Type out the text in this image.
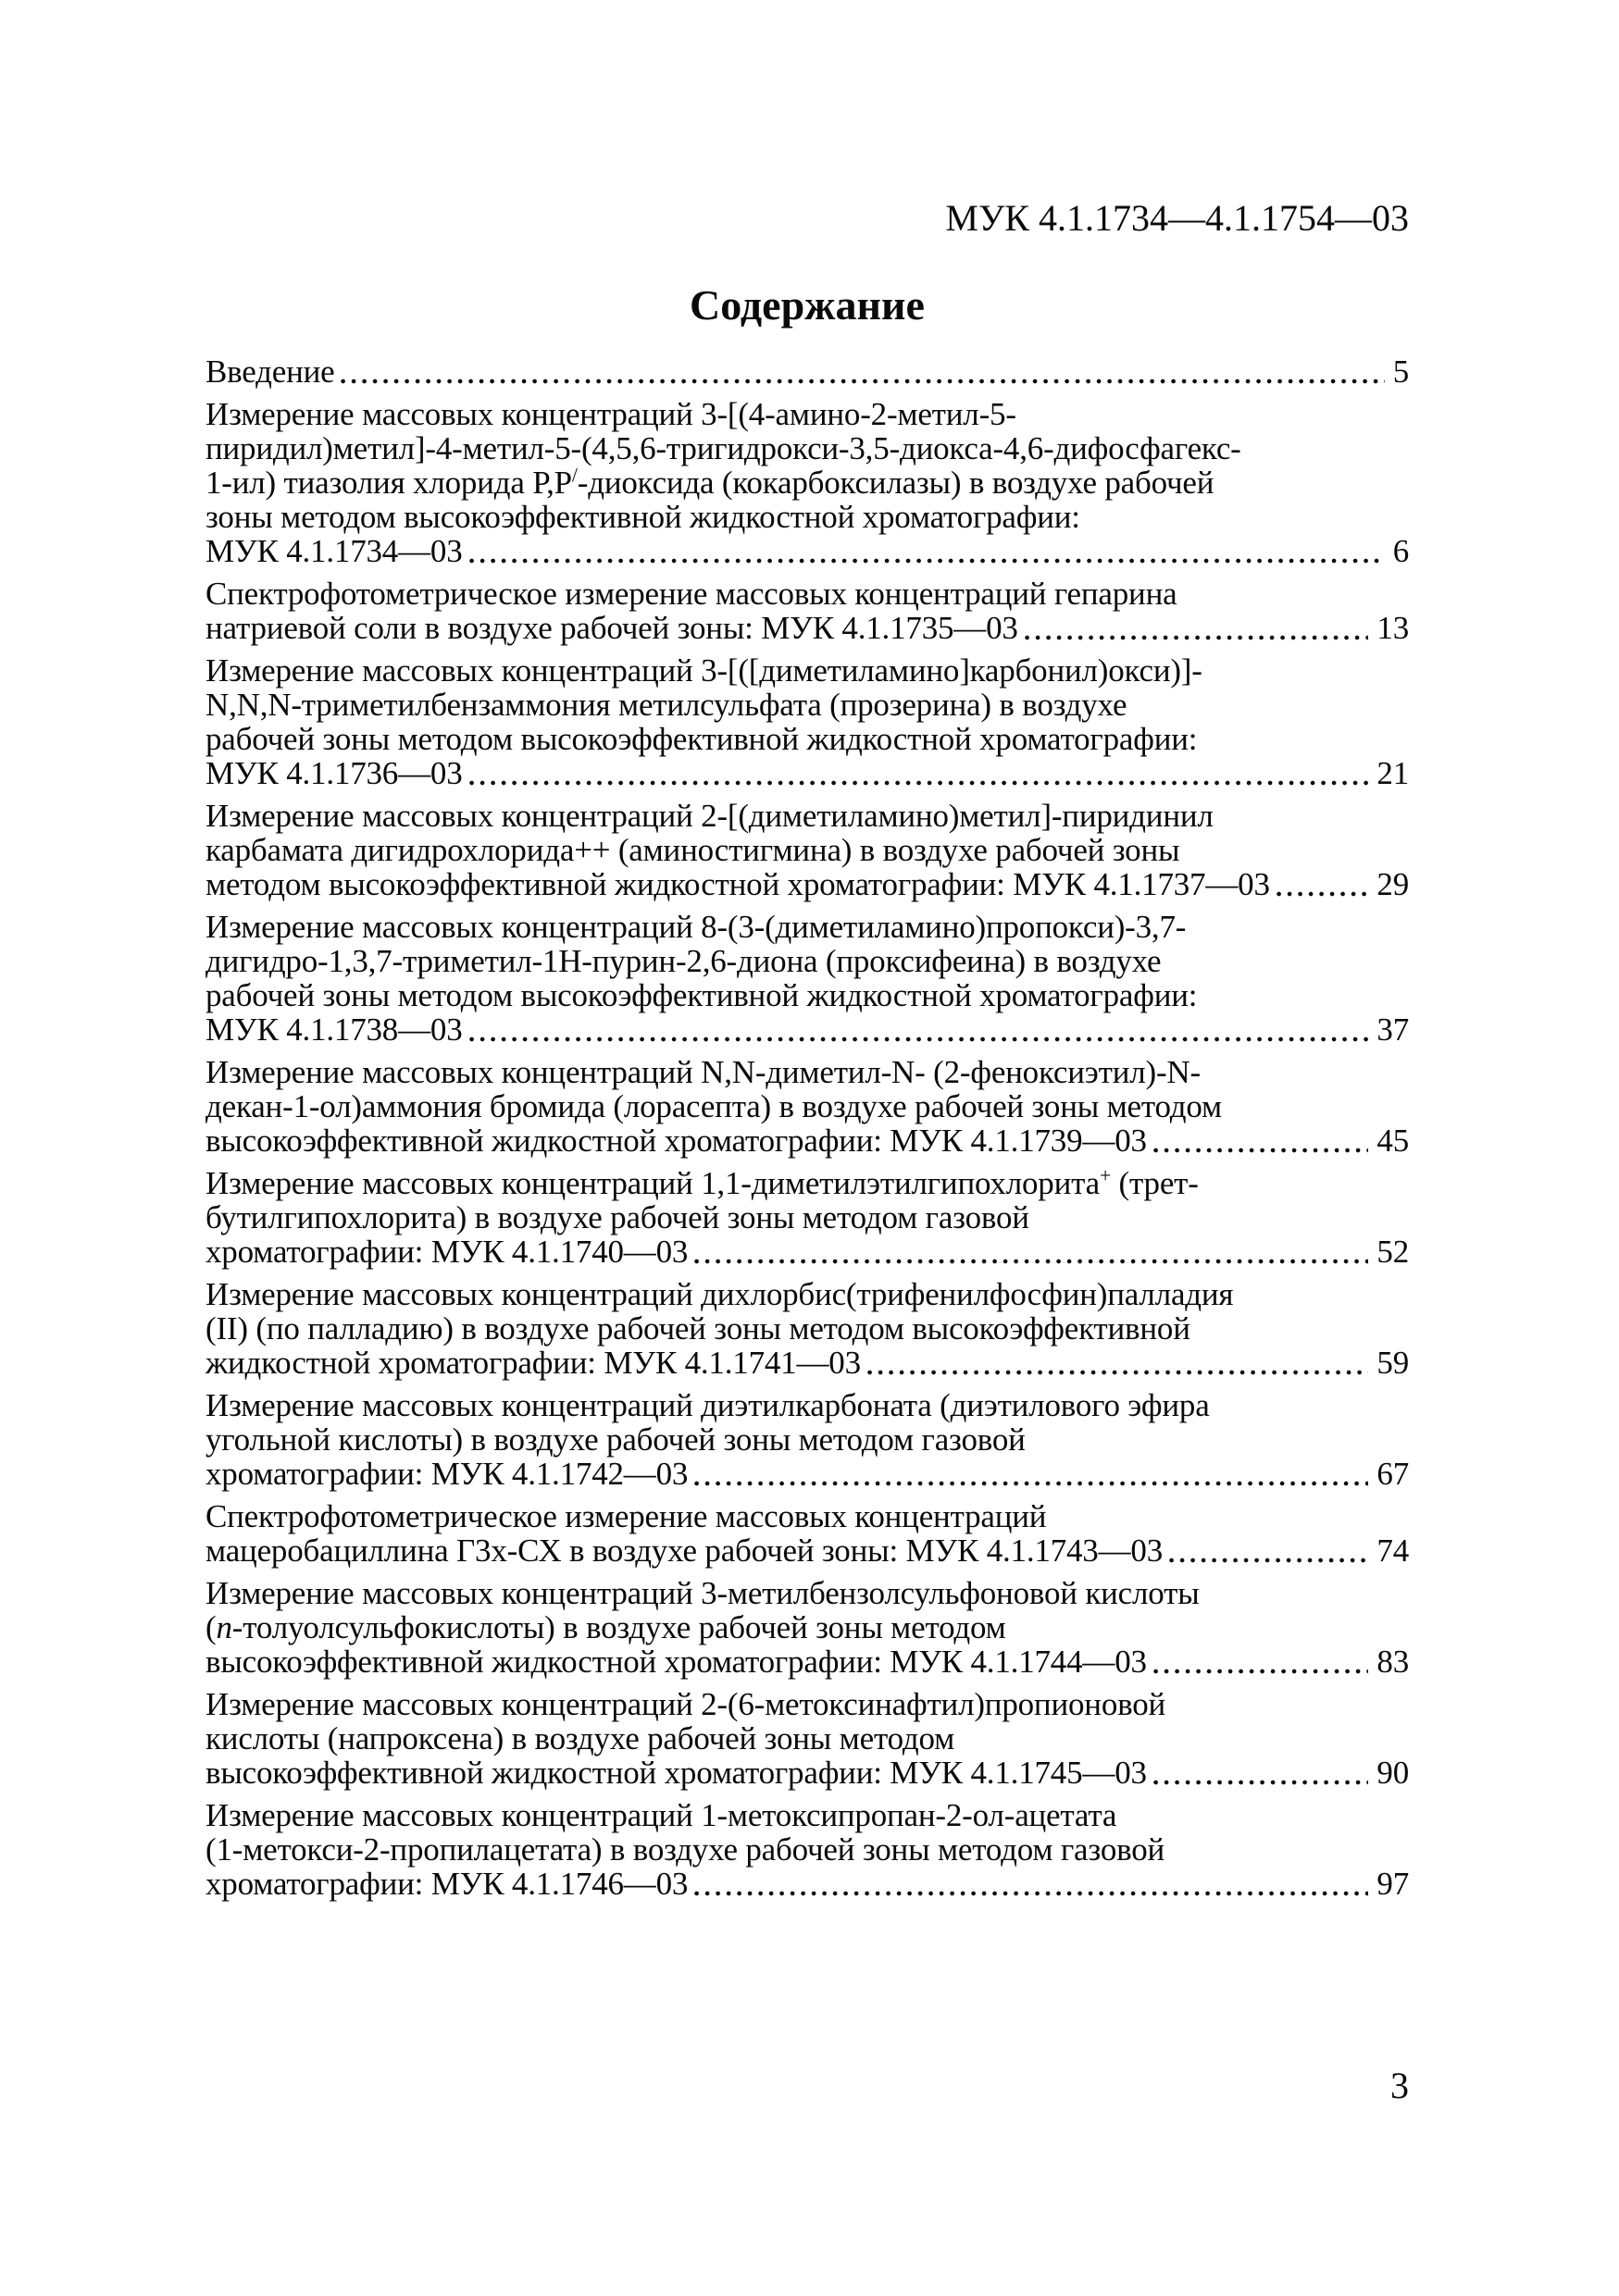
МУК 4.1.1734—4.1.1754—03
Содержание
Введение	5
Измерение массовых концентраций 3-[(4-амино-2-метил-5-
пиридил)метил]-4-метил-5-(4,5,6-тригидрокси-3,5-диокса-4,6-дифосфагекс-
1-ил) тиазолия хлорида Р,Р/-диоксида (кокарбоксилазы) в воздухе рабочей
зоны методом высокоэффективной жидкостной хроматографии:
МУК 4.1.1734—03	6
Спектрофотометрическое измерение массовых концентраций гепарина
натриевой соли в воздухе рабочей зоны: МУК 4.1.1735—03	13
Измерение массовых концентраций 3-[([диметиламино]карбонил)окси)]-
N,N,N-триметилбензаммония метилсульфата (прозерина) в воздухе
рабочей зоны методом высокоэффективной жидкостной хроматографии:
МУК 4.1.1736—03	21
Измерение массовых концентраций 2-[(диметиламино)метил]-пиридинил
карбамата дигидрохлорида++ (аминостигмина) в воздухе рабочей зоны
методом высокоэффективной жидкостной хроматографии: МУК 4.1.1737—03	29
Измерение массовых концентраций 8-(3-(диметиламино)пропокси)-3,7-
дигидро-1,3,7-триметил-1Н-пурин-2,6-диона (проксифеина) в воздухе
рабочей зоны методом высокоэффективной жидкостной хроматографии:
МУК 4.1.1738—03	37
Измерение массовых концентраций N,N-диметил-N- (2-феноксиэтил)-N-
декан-1-ол)аммония бромида (лорасепта) в воздухе рабочей зоны методом
высокоэффективной жидкостной хроматографии: МУК 4.1.1739—03	45
Измерение массовых концентраций 1,1-диметилэтилгипохлорита+ (трет-
бутилгипохлорита) в воздухе рабочей зоны методом газовой
хроматографии: МУК 4.1.1740—03	52
Измерение массовых концентраций дихлорбис(трифенилфосфин)палладия
(II) (по палладию) в воздухе рабочей зоны методом высокоэффективной
жидкостной хроматографии: МУК 4.1.1741—03	59
Измерение массовых концентраций диэтилкарбоната (диэтилового эфира
угольной кислоты) в воздухе рабочей зоны методом газовой
хроматографии: МУК 4.1.1742—03	67
Спектрофотометрическое измерение массовых концентраций
мацеробациллина Г3х-СХ в воздухе рабочей зоны: МУК 4.1.1743—03	74
Измерение массовых концентраций 3-метилбензолсульфоновой кислоты
(п-толуолсульфокислоты) в воздухе рабочей зоны методом
высокоэффективной жидкостной хроматографии: МУК 4.1.1744—03	83
Измерение массовых концентраций 2-(6-метоксинафтил)пропионовой
кислоты (напроксена) в воздухе рабочей зоны методом
высокоэффективной жидкостной хроматографии: МУК 4.1.1745—03	90
Измерение массовых концентраций 1-метоксипропан-2-ол-ацетата
(1-метокси-2-пропилацетата) в воздухе рабочей зоны методом газовой
хроматографии: МУК 4.1.1746—03	97
3
